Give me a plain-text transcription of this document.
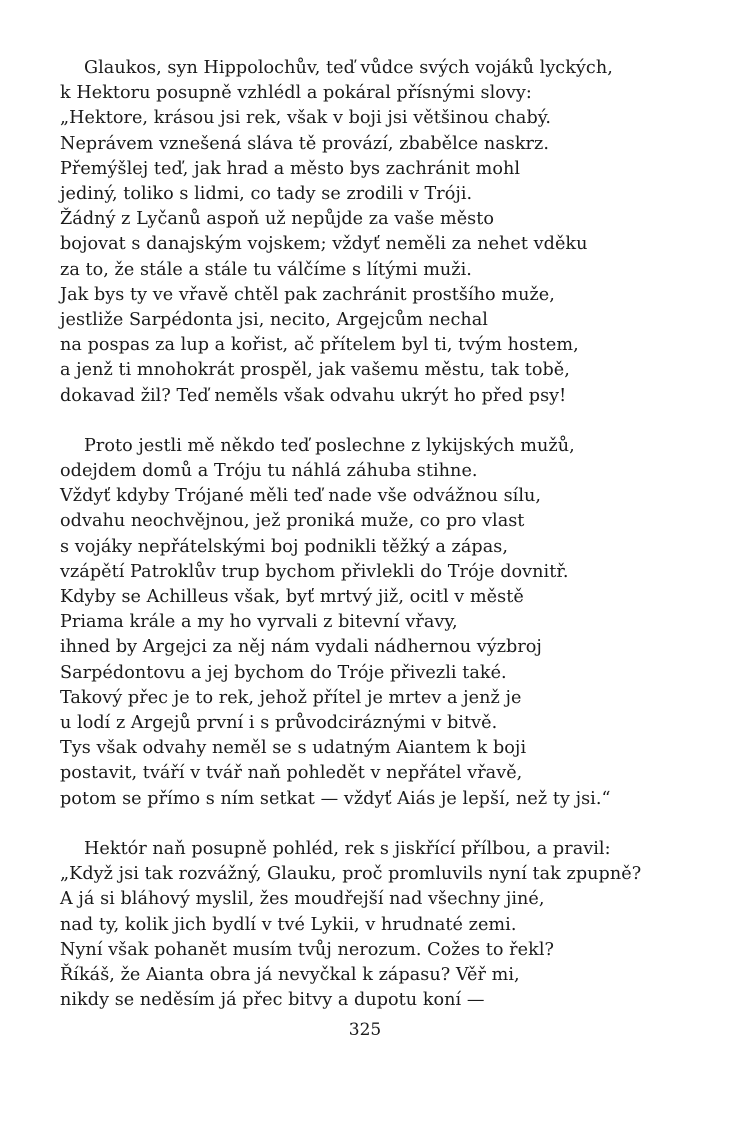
Glaukos, syn Hippolochův, teď vůdce svých vojáků lyckých,
k Hektoru posupně vzhlédl a pokáral přísnými slovy:
„Hektore, krásou jsi rek, však v boji jsi většinou chabý.
Neprávem vznešená sláva tě provází, zbabělce naskrz.
Přemýšlej teď, jak hrad a město bys zachránit mohl
jediný, toliko s lidmi, co tady se zrodili v Tróji.
Žádný z Lyčanů aspoň už nepůjde za vaše město
bojovat s danajským vojskem; vždyť neměli za nehet vděku
za to, že stále a stále tu válčíme s lítými muži.
Jak bys ty ve vřavě chtěl pak zachránit prostšího muže,
jestliže Sarpédonta jsi, necito, Argejcům nechal
na pospas za lup a kořist, ač přítelem byl ti, tvým hostem,
a jenž ti mnohokrát prospěl, jak vašemu městu, tak tobě,
dokavad žil? Teď neměls však odvahu ukrýt ho před psy!
Proto jestli mě někdo teď poslechne z lykijských mužů,
odejdem domů a Tróju tu náhlá záhuba stihne.
Vždyť kdyby Trójané měli teď nade vše odvážnou sílu,
odvahu neochvějnou, jež proniká muže, co pro vlast
s vojáky nepřátelskými boj podnikli těžký a zápas,
vzápětí Patroklův trup bychom přivlekli do Tróje dovnitř.
Kdyby se Achilleus však, byť mrtvý již, ocitl v městě
Priama krále a my ho vyrvali z bitevní vřavy,
ihned by Argejci za něj nám vydali nádhernou výzbroj
Sarpédontovu a jej bychom do Tróje přivezli také.
Takový přec je to rek, jehož přítel je mrtev a jenž je
u lodí z Argejů první i s průvodciráznými v bitvě.
Tys však odvahy neměl se s udatným Aiantem k boji
postavit, tváří v tvář naň pohledět v nepřátel vřavě,
potom se přímo s ním setkat — vždyť Aiás je lepší, než ty jsi.“
Hektór naň posupně pohléd, rek s jiskřící přílbou, a pravil:
„Když jsi tak rozvážný, Glauku, proč promluvils nyní tak zpupně?
A já si bláhový myslil, žes moudřejší nad všechny jiné,
nad ty, kolik jich bydlí v tvé Lykii, v hrudnaté zemi.
Nyní však pohanět musím tvůj nerozum. Cožes to řekl?
Říkáš, že Aianta obra já nevyčkal k zápasu? Věř mi,
nikdy se neděsím já přec bitvy a dupotu koní —
325
